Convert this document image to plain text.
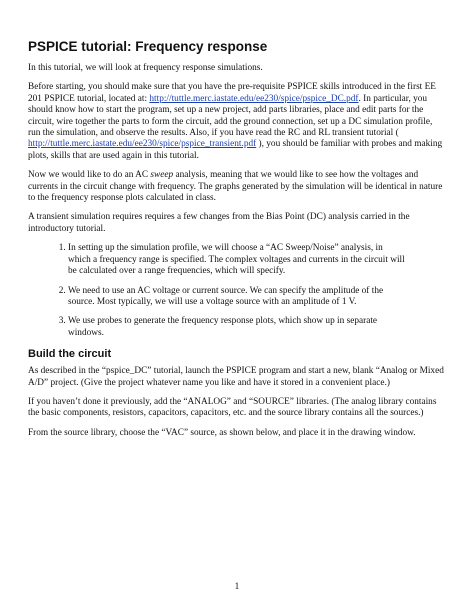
PSPICE tutorial: Frequency response

In this tutorial, we will look at frequency response simulations.

Before starting, you should make sure that you have the pre-requisite PSPICE skills introduced in the first EE 201 PSPICE tutorial, located at: http://tuttle.merc.iastate.edu/ee230/spice/pspice_DC.pdf. In particular, you should know how to start the program, set up a new project, add parts libraries, place and edit parts for the circuit, wire together the parts to form the circuit, add the ground connection, set up a DC simulation profile, run the simulation, and observe the results. Also, if you have read the RC and RL transient tutorial ( http://tuttle.merc.iastate.edu/ee230/spice/pspice_transient.pdf ), you should be familiar with probes and making plots, skills that are used again in this tutorial.

Now we would like to do an AC sweep analysis, meaning that we would like to see how the voltages and currents in the circuit change with frequency. The graphs generated by the simulation will be identical in nature to the frequency response plots calculated in class.

A transient simulation requires requires a few changes from the Bias Point (DC) analysis carried in the introductory tutorial.

1. In setting up the simulation profile, we will choose a “AC Sweep/Noise” analysis, in which a frequency range is specified. The complex voltages and currents in the circuit will be calculated over a range frequencies, which will specify.
2. We need to use an AC voltage or current source. We can specify the amplitude of the source. Most typically, we will use a voltage source with an amplitude of 1 V.
3. We use probes to generate the frequency response plots, which show up in separate windows.
Build the circuit

As described in the “pspice_DC” tutorial, launch the PSPICE program and start a new, blank “Analog or Mixed A/D” project. (Give the project whatever name you like and have it stored in a convenient place.)

If you haven’t done it previously, add the “ANALOG” and “SOURCE” libraries. (The analog library contains the basic components, resistors, capacitors, capacitors, etc. and the source library contains all the sources.)

From the source library, choose the “VAC” source, as shown below, and place it in the drawing window.

1
